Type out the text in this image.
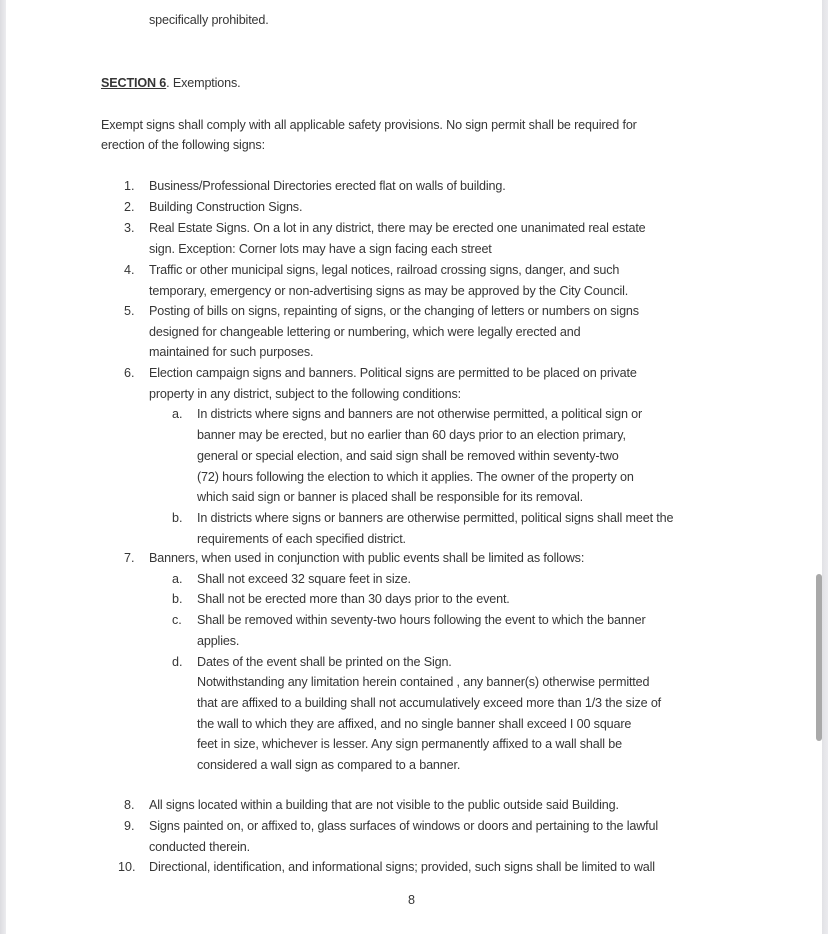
specifically prohibited.
SECTION 6. Exemptions.
Exempt signs shall comply with all applicable safety provisions. No sign permit shall be required for
erection of the following signs:
1. Business/Professional Directories erected flat on walls of building.
2. Building Construction Signs.
3. Real Estate Signs. On a lot in any district, there may be erected one unanimated real estate
sign. Exception: Corner lots may have a sign facing each street
4. Traffic or other municipal signs, legal notices, railroad crossing signs, danger, and such
temporary, emergency or non-advertising signs as may be approved by the City Council.
5. Posting of bills on signs, repainting of signs, or the changing of letters or numbers on signs
designed for changeable lettering or numbering, which were legally erected and
maintained for such purposes.
6. Election campaign signs and banners. Political signs are permitted to be placed on private
property in any district, subject to the following conditions:
a. In districts where signs and banners are not otherwise permitted, a political sign or
banner may be erected, but no earlier than 60 days prior to an election primary,
general or special election, and said sign shall be removed within seventy-two
(72) hours following the election to which it applies. The owner of the property on
which said sign or banner is placed shall be responsible for its removal.
b. In districts where signs or banners are otherwise permitted, political signs shall meet the
requirements of each specified district.
7. Banners, when used in conjunction with public events shall be limited as follows:
a. Shall not exceed 32 square feet in size.
b. Shall not be erected more than 30 days prior to the event.
c. Shall be removed within seventy-two hours following the event to which the banner
applies.
d. Dates of the event shall be printed on the Sign.
Notwithstanding any limitation herein contained , any banner(s) otherwise permitted
that are affixed to a building shall not accumulatively exceed more than 1/3 the size of
the wall to which they are affixed, and no single banner shall exceed I 00 square
feet in size, whichever is lesser. Any sign permanently affixed to a wall shall be
considered a wall sign as compared to a banner.
8. All signs located within a building that are not visible to the public outside said Building.
9. Signs painted on, or affixed to, glass surfaces of windows or doors and pertaining to the lawful
conducted therein.
10. Directional, identification, and informational signs; provided, such signs shall be limited to wall
8
